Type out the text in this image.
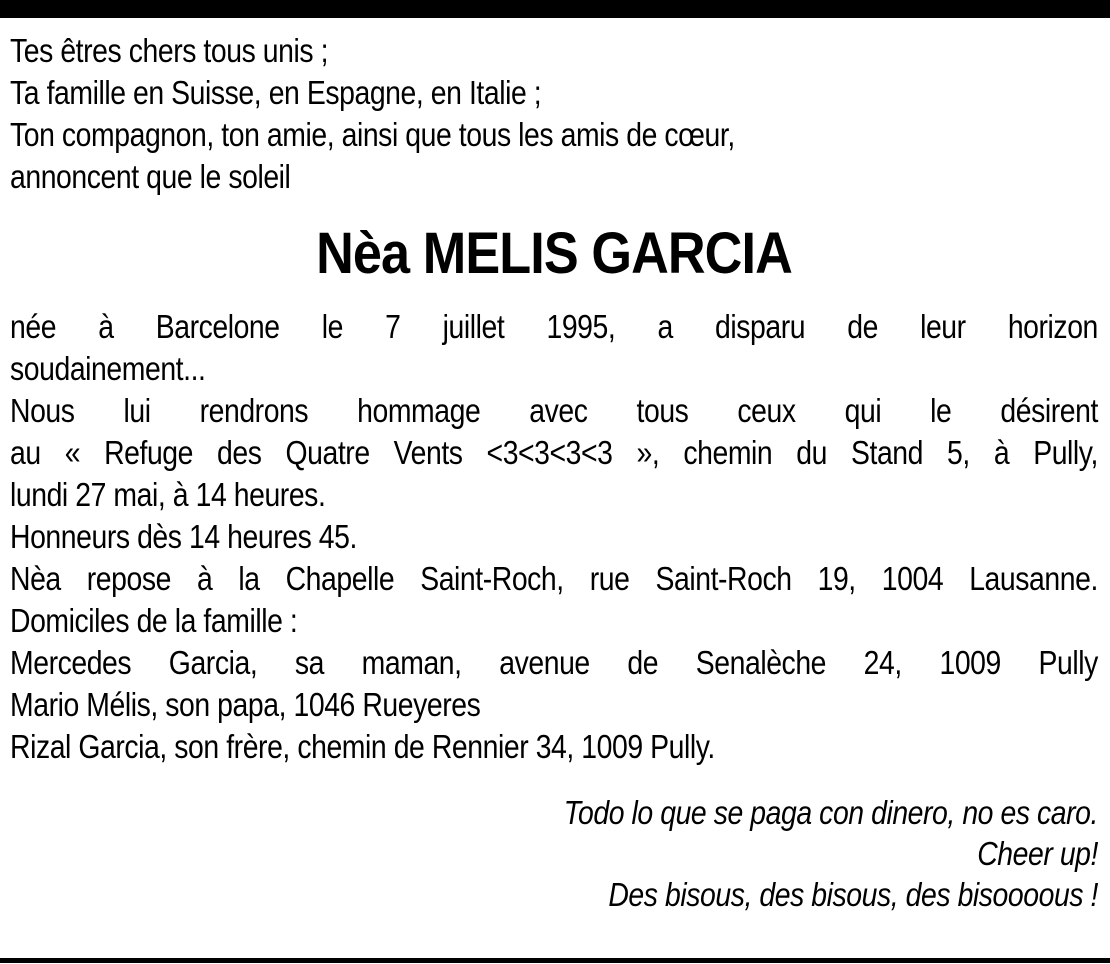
Tes êtres chers tous unis ;
Ta famille en Suisse, en Espagne, en Italie ;
Ton compagnon, ton amie, ainsi que tous les amis de cœur,
annoncent que le soleil
Nèa MELIS GARCIA
née à Barcelone le 7 juillet 1995, a disparu de leur horizon
soudainement...
Nous lui rendrons hommage avec tous ceux qui le désirent
au « Refuge des Quatre Vents <3<3<3<3 », chemin du Stand 5, à Pully,
lundi 27 mai, à 14 heures.
Honneurs dès 14 heures 45.
Nèa repose à la Chapelle Saint-Roch, rue Saint-Roch 19, 1004 Lausanne.
Domiciles de la famille :
Mercedes Garcia, sa maman, avenue de Senalèche 24, 1009 Pully
Mario Mélis, son papa, 1046 Rueyeres
Rizal Garcia, son frère, chemin de Rennier 34, 1009 Pully.
Todo lo que se paga con dinero, no es caro.
Cheer up!
Des bisous, des bisous, des bisoooous !
